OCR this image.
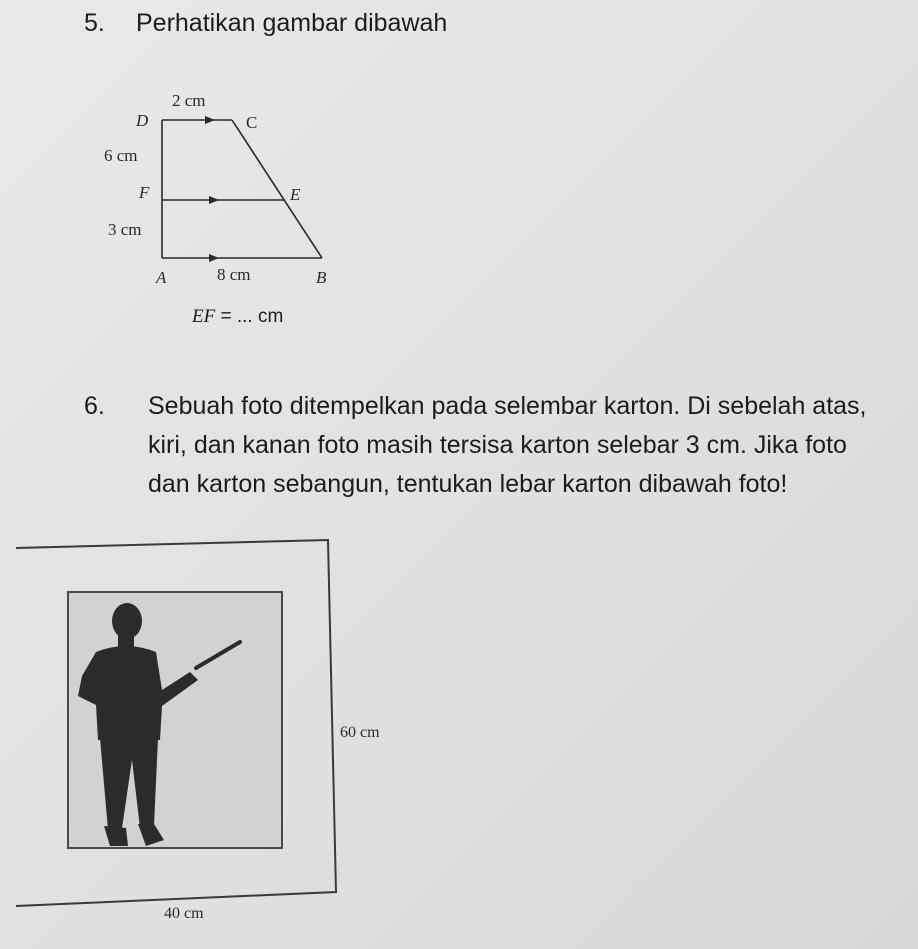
5. Perhatikan gambar dibawah
2 cm
D	C
6 cm
F	E
3 cm
A	8 cm	B
EF = ... cm
6. Sebuah foto ditempelkan pada selembar karton. Di sebelah atas, kiri, dan kanan foto masih tersisa karton selebar 3 cm. Jika foto dan karton sebangun, tentukan lebar karton dibawah foto!
60 cm
40 cm
